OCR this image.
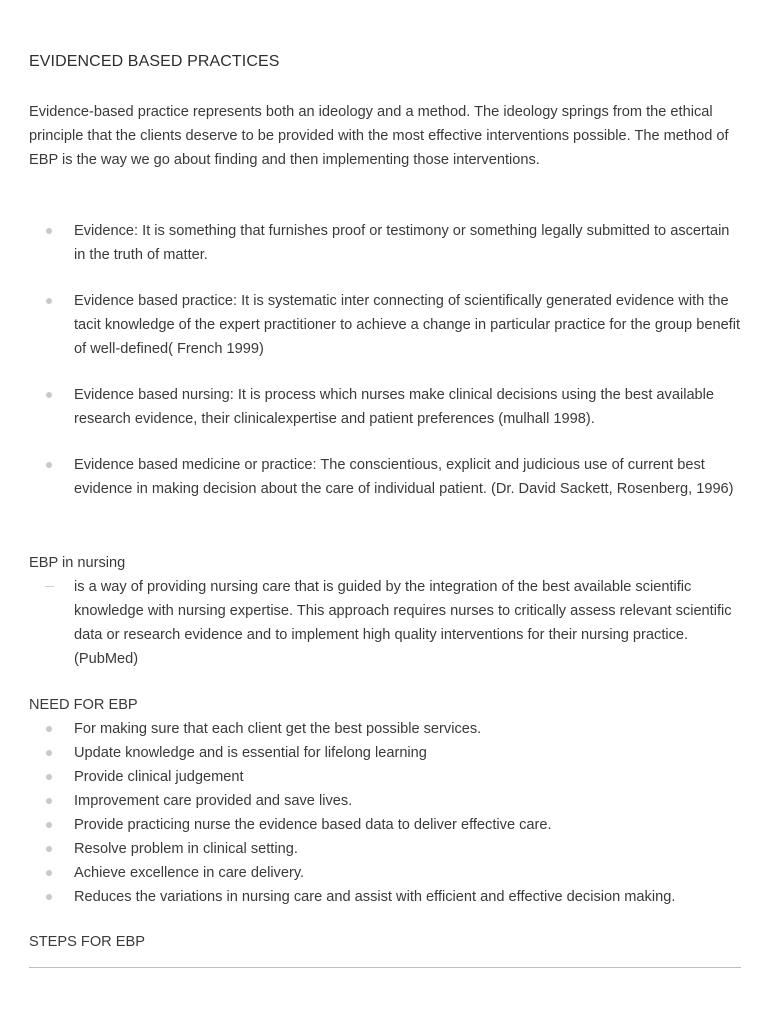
EVIDENCED BASED PRACTICES

Evidence-based practice represents both an ideology and a method. The ideology springs from the ethical principle that the clients deserve to be provided with the most effective interventions possible. The method of EBP is the way we go about finding and then implementing those interventions.

Evidence: It is something that furnishes proof or testimony or something legally submitted to ascertain in the truth of matter.
Evidence based practice: It is systematic inter connecting of scientifically generated evidence with the tacit knowledge of the expert practitioner to achieve a change in particular practice for the group benefit of well-defined( French 1999)
Evidence based nursing: It is process which nurses make clinical decisions using the best available research evidence, their clinicalexpertise and patient preferences (mulhall 1998).
Evidence based medicine or practice: The conscientious, explicit and judicious use of current best evidence in making decision about the care of individual patient. (Dr. David Sackett, Rosenberg, 1996)
EBP in nursing
is a way of providing nursing care that is guided by the integration of the best available scientific knowledge with nursing expertise. This approach requires nurses to critically assess relevant scientific data or research evidence and to implement high quality interventions for their nursing practice. (PubMed)
NEED FOR EBP
For making sure that each client get the best possible services.
Update knowledge and is essential for lifelong learning
Provide clinical judgement
Improvement care provided and save lives.
Provide practicing nurse the evidence based data to deliver effective care.
Resolve problem in clinical setting.
Achieve excellence in care delivery.
Reduces the variations in nursing care and assist with efficient and effective decision making.
STEPS FOR EBP
